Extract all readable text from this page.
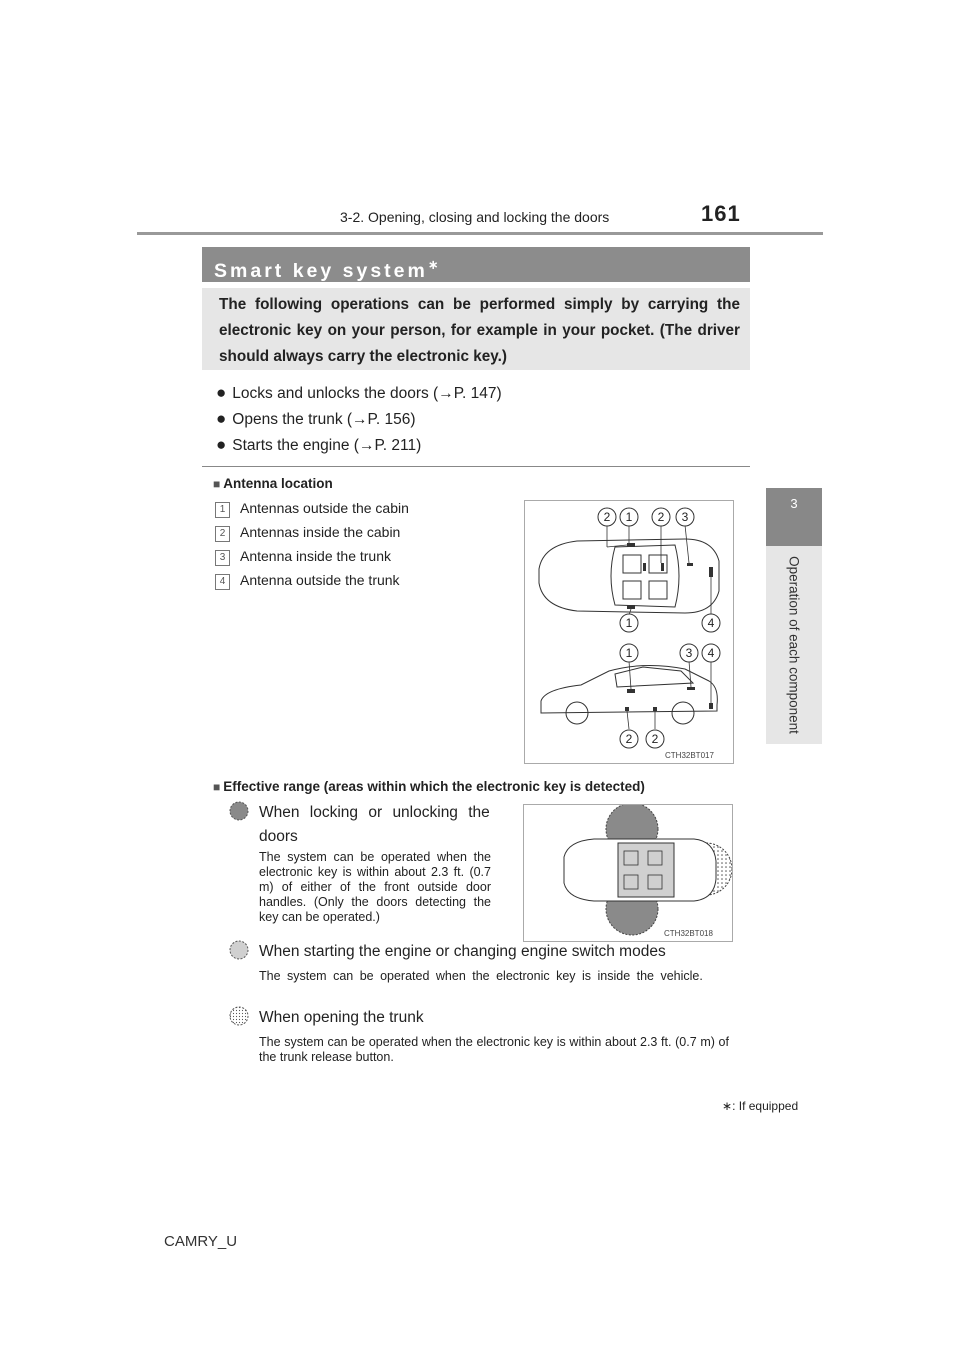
161
3-2. Opening, closing and locking the doors
3
Operation of each component
Smart key system∗
The following operations can be performed simply by carrying the electronic key on your person, for example in your pocket. (The driver should always carry the electronic key.)
● Locks and unlocks the doors (→P. 147)
● Opens the trunk (→P. 156)
● Starts the engine (→P. 211)
■ Antenna location
1 Antennas outside the cabin
2 Antennas inside the cabin
3 Antenna inside the trunk
4 Antenna outside the trunk
2 1 2 3
1	4
1	3 4
2 2
CTH32BT017
■ Effective range (areas within which the electronic key is detected)
When locking or unlocking the
doors
The system can be operated when the electronic key is within about 2.3 ft. (0.7 m) of either of the front outside door handles. (Only the doors detecting the key can be operated.)
CTH32BT018
When starting the engine or changing engine switch modes
The system can be operated when the electronic key is inside the vehicle.
When opening the trunk
The system can be operated when the electronic key is within about 2.3 ft. (0.7 m) of the trunk release button.
∗: If equipped
CAMRY_U
